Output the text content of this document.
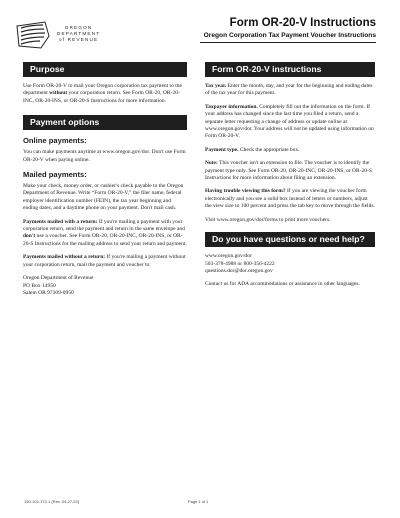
OREGON
DEPARTMENT
of REVENUE
Form OR-20-V Instructions
Oregon Corporation Tax Payment Voucher Instructions
Purpose

Use Form OR-20-V to mail your Oregon corporation tax payment to the department without your corporation return. See Form OR-20, OR-20-INC, OR-20-INS, or OR-20-S Instructions for more information.

Payment options
Online payments:

You can make payments anytime at www.oregon.gov/dor. Don't use Form OR-20-V when paying online.

Mailed payments:

Make your check, money order, or cashier's check payable to the Oregon Department of Revenue. Write “Form OR-20-V,” the filer name, federal employer identification number (FEIN), the tax year beginning and ending dates, and a daytime phone on your payment. Don't mail cash.

Payments mailed with a return: If you're mailing a payment with your corporation return, send the payment and return in the same envelope and don't use a voucher. See Form OR-20, OR-20-INC, OR-20-INS, or OR-20-S Instructions for the mailing address to send your return and payment.

Payments mailed without a return: If you're mailing a payment without your corporation return, mail the payment and voucher to:

Oregon Department of Revenue

PO Box 14950

Salem OR 97309-0950

Form OR-20-V instructions

Tax year. Enter the month, day, and year for the beginning and ending dates of the tax year for this payment.

Taxpayer information. Completely fill out the information on the form. If your address has changed since the last time you filed a return, send a separate letter requesting a change of address or update online at www.oregon.gov/dor. Your address will not be updated using information on Form OR-20-V.

Payment type. Check the appropriate box.

Note: This voucher isn't an extension to file. The voucher is to identify the payment type only. See Form OR-20, OR-20-INC, OR-20-INS, or OR-20-S Instructions for more information about filing an extension.

Having trouble viewing this form? If you are viewing the voucher form electronically and you see a solid box instead of letters or numbers, adjust the view size to 100 percent and press the tab key to move through the fields.

Visit www.oregon.gov/dor/forms to print more vouchers.

Do you have questions or need help?

www.oregon.gov/dor

503-378-4988 or 800-356-4222

questions.dor@dor.oregon.gov

Contact us for ADA accommodations or assistance in other languages.

150-102-172-1 (Rev. 04-27-23)	Page 1 of 1
